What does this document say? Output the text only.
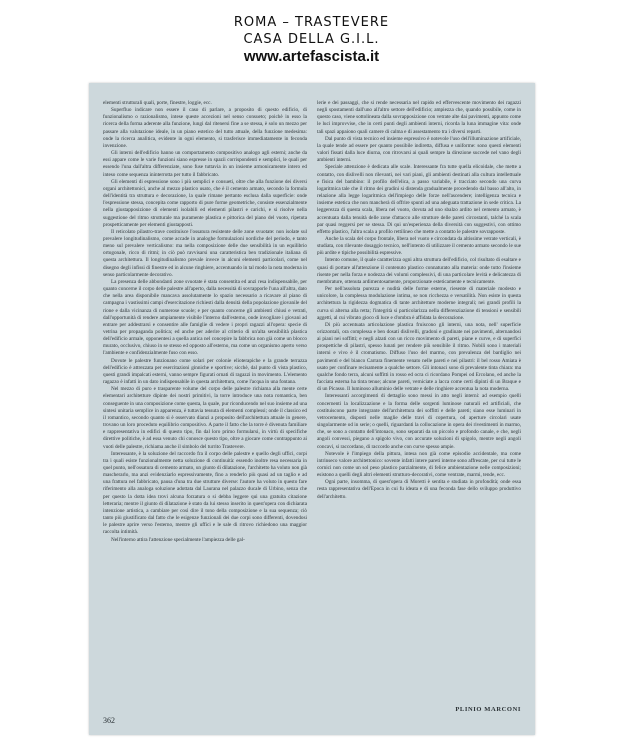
ROMA – TRASTEVERE
CASA DELLA G.I.L.
www.artefascista.it

elementi strutturali quali, porte, finestre, loggie, ecc.

Superfluo indicare non essere il caso di parlare, a proposito di questo edificio, di funzionalismo o razionalismo, intese queste accezioni nel senso consueto; poichè in esso la ricerca della forma aderente alla funzione, lungi dal ritenersi fine a se stessa, è solo un mezzo per passare alla valutazione ideale, in un piano estetico del tutto attuale, della funzione medesima: onde la ricerca analitica, evidente in ogni elemento, si trasferisce immediatamente in feconda invenzione.

Gli interni dell'edificio hanno un comportamento compositivo analogo agli esterni; anche da essi appare come le varie funzioni siano espresse in spazii corrispondenti e semplici, le quali per essendo l'una dall'altra differenziate, sono fuse tuttavia in un insieme armonicamente intero ed inteso come sequenza ininterrotta per tutto il fabbricato.

Gli elementi di espressione sono i più semplici e consueti, oltre che alla funzione dei diversi organi architettonici, anche al mezzo plastico usato, che è il cemento armato, secondo la formula dell'identità tra struttura e decorazione, la quale rimane pertanto esclusa dalla superficie: onde l'espressione stessa, concepita come rapporto di pure forme geometriche, consiste essenzialmente nella giustapposizione di elementi isolabili ed elementi pilastri e carichi, e si risolve nella suggestione del ritmo strutturale ma puramente plastica e pittorica del piano del vuoto, ripetuta prospetticamente per elementi giustapposti.

Il reticolato pilastro-trave costituisce l'ossatura resistente delle zone svuotate: non isolate sul prevalere longitudinalismo, come accade in analoghe formulazioni nordiche del periodo, e tanto meno sul prevalere verticalismo: ma nella composizione delle due sensibilità in un equilibrio ortogonale, ricco di ritmi; in ciò può ravvisarsi una caratteristica ben tradizionale italiana di questa architettura. Il longitudinalismo prevale invece in alcuni elementi particolari, come nel disegno degli infissi di finestre ed in alcune ringhiere, accentuando in tal modo la nota moderna in senso particolarmente decorativo.

La presenza delle abbondanti zone svuotate è stata consentita ed anzi resa indispensabile, per quanto concerne il corpo delle palestre all'aperto, dalla necessità di sovrapporle l'una all'altra, dato che nella area disponibile mancava assolutamente lo spazio necessario a ricavare al piano di campagna i vastissimi campi d'esercitazione richiesti dalla densità della popolazione giovanile del rione e dalla vicinanza di numerose scuole; e per quanto concerne gli ambienti chiusi e vetrati, dall'opportunità di rendere ampiamente visibile l'interno dall'esterno, onde invogliare i giovani ad entrare per addestrarsi e consentire alle famiglie di vedere i propri ragazzi all'opera: specie di vetrina per propaganda politica; ed anche per aderire al criterio di un'alta sensibilità plastica dell'edificio armale, opponentesi a quella antica nel concepire la fabbrica non già come un blocco murato, occlusivo, chiuso in se stesso ed opposto all'esterno, ma come un organismo aperto verso l'ambiente e confidenzialmente fuso con esso.

Dovute le palestre funzionano come solari per colonie elioterapiche e la grande terrazza dell'edificio è attrezzata per esercitazioni ginniche e sportive; sicchè, dal punto di vista plastico, questi grandi impalcati esterni, vanno sempre figurati ornati di ragazzi in movimento. L'elemento ragazzo è infatti in un dato indispensabile in questa architettura, come l'acqua in una fontana.

Nel mezzo di puro e trasparente volume del corpo delle palestre richiama alla mente certe elementari architetture dipinte dei nostri primitivi, la torre introduce una nota romantica, ben conseguente in una composizione come questa, la quale, pur riconducendo nel suo insieme ad una sintesi unitaria semplice in apparenza, è tuttavia tessuta di elementi complessi; onde il classico ed il romantico, secondo quanto si è osservato dianzi a proposito dell'architettura attuale in genere, trovano un loro proceduto equilibrio compositivo. A parte il fatto che la torre è divenuta familiare e rappresentativa in edifici di questo tipo, fin dal loro primo formularsi, in virtù di specifiche direttive politiche, è ad essa venuto chi conosce questo tipo, oltre a giocare come contrappunto ai vuoti delle palestre, richiama anche il simbolo del turrito Trastevere.

Interessante, è la soluzione del raccordo fra il corpo delle palestre e quello degli uffici, corpi tra i quali esiste funzionalmente netta soluzione di continuità: essendo inoltre resa necessaria in quel punto, nell'ossatura di cemento armato, un giunto di dilatazione, l'architetto ha voluto non già mascherarlo, ma anzi evidenziarlo espressivamente, fino a renderlo più quasi ad un taglio e ad una frattura nel fabbricato, pausa d'una tra due strutture diverse: l'autore ha voluto in questo fare riferimento alla analoga soluzione adottata dal Laurana nel palazzo ducale di Urbino, senza che per questo la dotta idea trovi alcuna forzatura o si debba leggere qui una gratuita citazione letteraria; mentre il giunto di dilatazione è stato da lui stesso inserito in quest'opera con dichiarata intenzione artistica, a cambiare per così dire il tono della composizione e la sua sequenza; ciò tanto più giustificato dal fatto che le esigenze funzionali dei due corpi sono differenti, dovendosi le palestre aprire verso l'esterno, mentre gli uffici e le sale di ritrovo richiedono una maggior raccolta intimità.

Nell'interno attira l'attenzione specialmente l'ampiezza delle gal-

lerie e dei passaggi, che si rende necessaria nel rapido ed effervescente movimento dei ragazzi negli spostamenti dall'uno all'altro settore dell'edificio; ampiezza che, quando possibile, come in questo caso, viene sottolineata dalla sovrapposizione con vetrate alte dai pavimenti, appunto come le luci improvvise, che in certi punti degli ambienti interni, ricorda la luna immagine vita: onde tali spazi appaiono quali camere di calma e di assestamento tra i diversi reparti.

Dal punto di vista tecnico ed insieme espressivo è notevole l'uso dell'illuminazione artificiale, la quale tende ad essere per quanto possibile indiretta, diffusa e uniforme: sono questi elementi valori fissati dalla luce diurna, con ritrovarsi ai quali sempre la direzione succede nel vano degli ambienti interni.

Speciale attenzione è dedicata alle scale. Interessante fra tutte quella elicoidale, che mette a contatto, con dislivelli non rilevanti, nei vari piani, gli ambienti destinati alla cultura intellettuale e fisica del bambino: il profilo dell'elica, a passo variabile, è tracciato secondo una curva logaritmica tale che il ritmo dei gradini si distenda gradualmente procedendo dal basso all'alto, in relazione alla legge logaritmica dell'impiego delle forze nell'ascendere; intelligenza tecnica e insieme estetica che non mancherà di offrire spunti ad una adeguata trattazione in sede critica. La leggerezza di questa scala, libera nel vuoto, dovuta ad uno sbalzo ardito nel cemento armato, è accentuata dalla tenuità delle zone d'attacco alle strutture delle pareti circostanti, talché la scala par quasi reggersi per se stessa. Di qui un'esperienza della diversità con suggestivi, con ottimo effetto plastico, l'altra scala a profilo rettilineo che mette a contatto le palestre sovrapposte.

Anche la scala del corpo frontale, libera nel vuoto e circondata da altissime vetrate verticali, è studiata, con rilevante dosaggio tecnico, nell'intento di utilizzare il cemento armato secondo le sue più ardite e tipiche possibilità espressive.

Intento comune, il quale caratterizza ogni altra struttura dell'edificio, col risultato di esaltare e quasi di portare all'attenzione il contenuto plastico connaturato alla materia: onde tutto l'insieme risente per nella forza e nodezza dei volumi complessivi, di una particolare levità e delicatezza di membrature, ottenuta ardimentosamente, proporzionate esteticamente e tecnicamente.

Per nell'assoluta purezza e nudità delle forme esterne, riesente di materiale modesto e unicolore, la complessa modulazione intima, se non ricchezza e versatilità. Non esiste in questa architettura la rigidezza dogmatica di tante architetture moderne integrali; nei grandi profili la curva si alterna alla retta; l'integrità si particolarizza nella differenziazione di tensioni e sensibili aggetti, al cui vibrato gioco di luce e d'ombra è affidata la decorazione.

Di più accentuata articolazione plastica fruiscono gli interni, una nota, nell' superficie orizzontali, ora complessa e ben dosati dislivelli, gradoni e gradinate nei pavimenti, alternandosi ai piani nei soffitti; e negli alzati con un ricco movimento di pareti, piane e curve, e di superfici prospettiche di pilastri, spesso lunati per rendere più sensibile il ritmo. Nobili sono i materiali interni e vivo è il cromatismo. Diffuso l'uso del marmo, con prevalenza del bardiglio nei pavimenti e del bianco Carrara finemente venato nelle pareti e nei pilastri: il bel rosso Amiata è usato per confinare recisamente a qualche settore. Gli intonaci sono di prevalente tinta chiara: ma qualche fondo terra, alcuni soffitti in rosso ed ocra ci ricordano Pompei od Ercolano, ed anche la facciata esterna ha tinta tenue; alcune pareti, verniciate a lacca come certi dipinti di un Braque e di un Picasso. Il luminoso alluminio delle vetrate e delle ringhiere accentua la nota moderna.

Interessanti accorgimenti di dettaglio sono messi in atto negli interni: ad esempio quelli concernenti la localizzazione e la forma delle sorgenti luminose naturali ed artificiali, che costituiscono parte integrante dell'architettura dei soffitti e delle pareti; siano esse luminari in vetrocemento, disposti nelle maglie delle travi di copertura, od aperture circolari usate singolarmente od in serie; o quelli, riguardanti la collocazione in opera dei rivestimenti in marmo, che, se sono a contatto dell'intonaco, sono separati da un piccolo e profondo canale, e che, negli angoli convessi, piegano a spigolo vivo, con accurate soluzioni di spigolo, mentre negli angoli concavi, si raccordano, di raccordo anche con curve spesso ampie.

Notevole è l'impiego della pittura, intesa non già come episodio accidentale, ma come intrinseco valore architettonico: sovente infatti intere pareti interne sono affrescate, per cui tutte le cornici non come un sol peso plastico parzialmente, di felice ambientazione nelle composizioni; esistono a quelli degli altri elementi strutturo-decorativi, come ventrate, marmi, tende, ecc.

Ogni parte, insomma, di quest'opera di Moretti è sentita e studiata in profondità; onde essa resta rappresentativa dell'Epoca in cui fu ideata e di una feconda fase dello sviluppo produttivo dell'architetto.

PLINIO MARCONI
362
